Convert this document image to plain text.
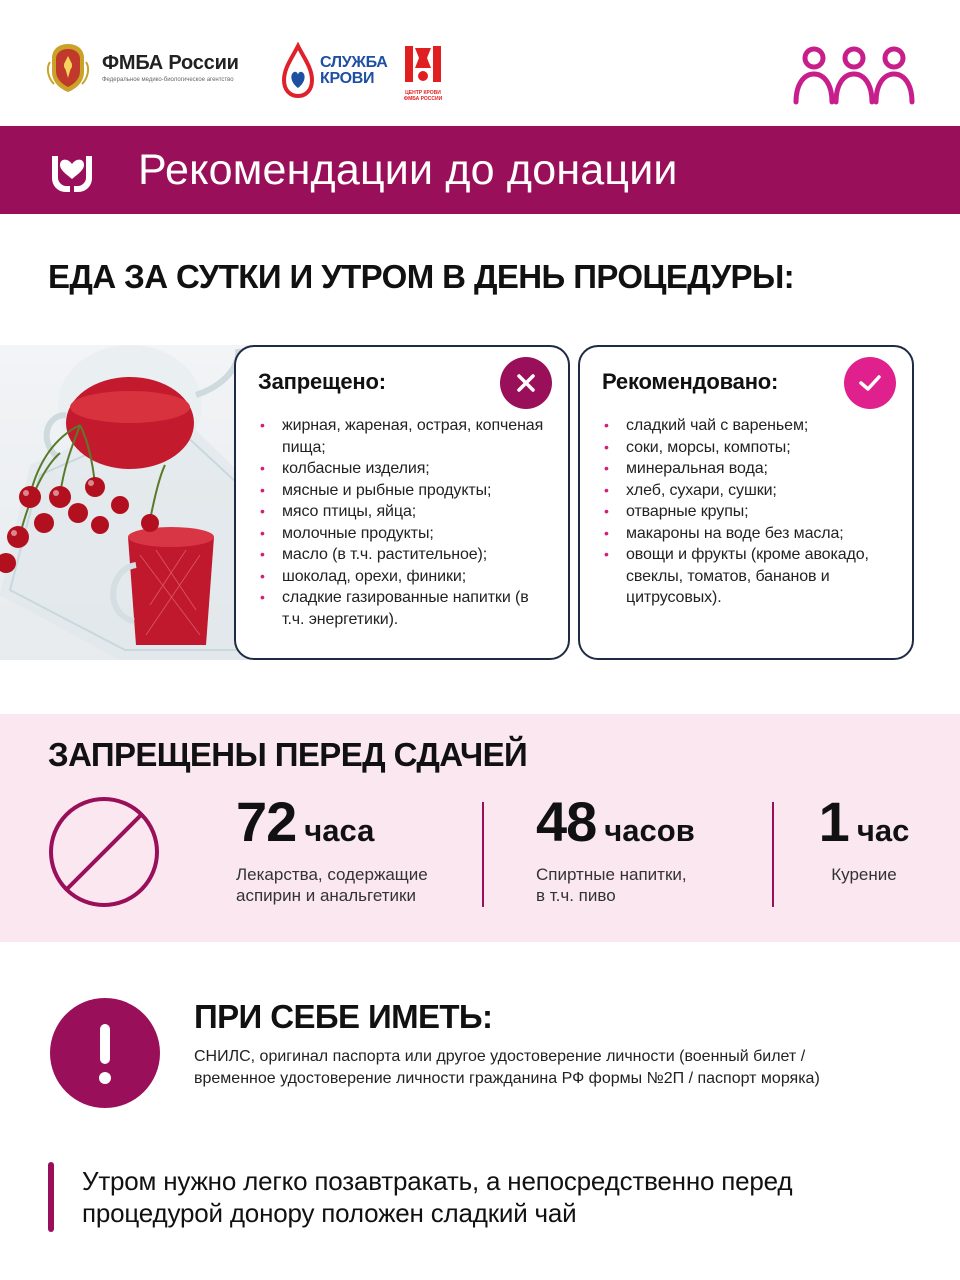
ФМБА России
Федеральное медико-биологическое агентство
СЛУЖБА
КРОВИ
ЦЕНТР КРОВИ
ФМБА РОССИИ
Рекомендации до донации
ЕДА ЗА СУТКИ И УТРОМ В ДЕНЬ ПРОЦЕДУРЫ:
Запрещено:
• жирная, жареная, острая, копченая пища;
• колбасные изделия;
• мясные и рыбные продукты;
• мясо птицы, яйца;
• молочные продукты;
• масло (в т.ч. растительное);
• шоколад, орехи, финики;
• сладкие газированные напитки (в т.ч. энергетики).
Рекомендовано:
• сладкий чай с вареньем;
• соки, морсы, компоты;
• минеральная вода;
• хлеб, сухари, сушки;
• отварные крупы;
• макароны на воде без масла;
• овощи и фрукты (кроме авокадо, свеклы, томатов, бананов и цитрусовых).
ЗАПРЕЩЕНЫ ПЕРЕД СДАЧЕЙ
72 часа
Лекарства, содержащие
аспирин и анальгетики
48 часов
Спиртные напитки,
в т.ч. пиво
1 час
Курение
ПРИ СЕБЕ ИМЕТЬ:
СНИЛС, оригинал паспорта или другое удостоверение личности (военный билет / временное удостоверение личности гражданина РФ формы №2П / паспорт моряка)
Утром нужно легко позавтракать, а непосредственно перед процедурой донору положен сладкий чай
